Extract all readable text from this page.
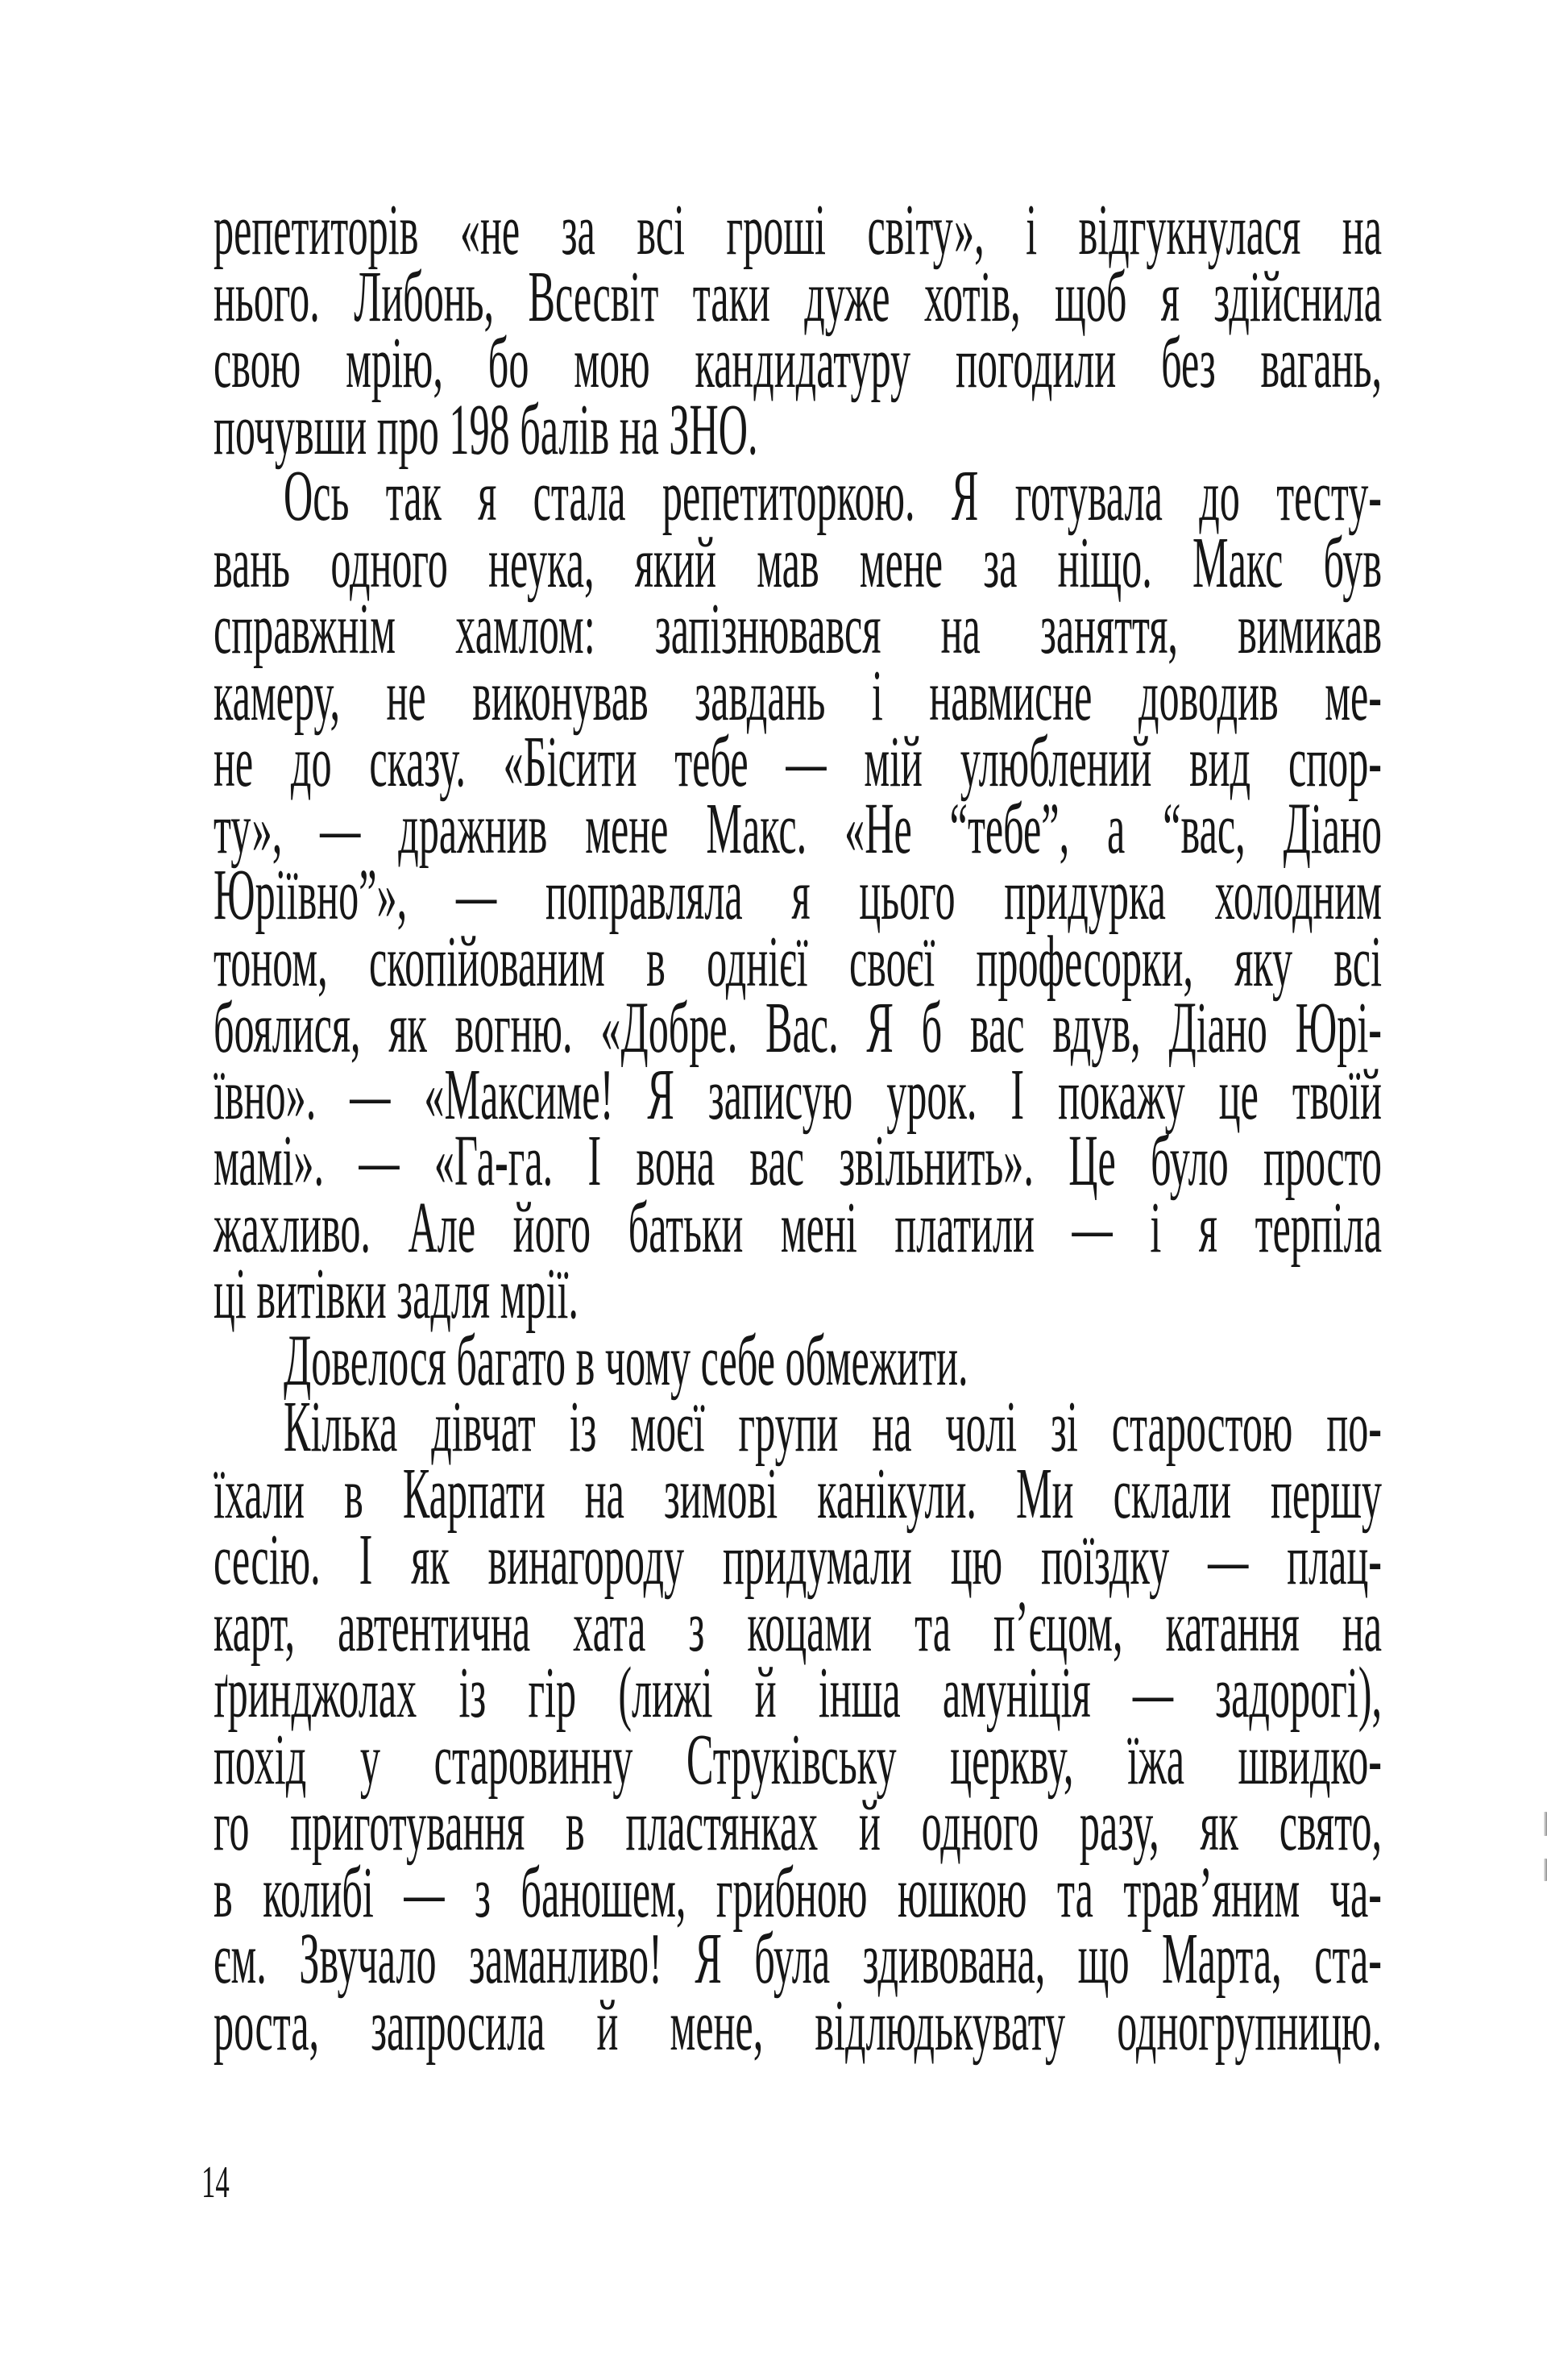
репетиторів «не за всі гроші світу», і відгукнулася на
нього. Либонь, Всесвіт таки дуже хотів, щоб я здійснила
свою мрію, бо мою кандидатуру погодили без вагань,
почувши про 198 балів на ЗНО.
Ось так я стала репетиторкою. Я готувала до тесту-
вань одного неука, який мав мене за ніщо. Макс був
справжнім хамлом: запізнювався на заняття, вимикав
камеру, не виконував завдань і навмисне доводив ме-
не до сказу. «Бісити тебе — мій улюблений вид спор-
ту», — дражнив мене Макс. «Не “тебе”, а “вас, Діано
Юріївно”», — поправляла я цього придурка холодним
тоном, скопійованим в однієї своєї професорки, яку всі
боялися, як вогню. «Добре. Вас. Я б вас вдув, Діано Юрі-
ївно». — «Максиме! Я записую урок. І покажу це твоїй
мамі». — «Га-га. І вона вас звільнить». Це було просто
жахливо. Але його батьки мені платили — і я терпіла
ці витівки задля мрії.
Довелося багато в чому себе обмежити.
Кілька дівчат із моєї групи на чолі зі старостою по-
їхали в Карпати на зимові канікули. Ми склали першу
сесію. І як винагороду придумали цю поїздку — плац-
карт, автентична хата з коцами та п’єцом, катання на
ґринджолах із гір (лижі й інша амуніція — задорогі),
похід у старовинну Струківську церкву, їжа швидко-
го приготування в пластянках й одного разу, як свято,
в колибі — з баношем, грибною юшкою та трав’яним ча-
єм. Звучало заманливо! Я була здивована, що Марта, ста-
роста, запросила й мене, відлюдькувату одногрупницю.
14
